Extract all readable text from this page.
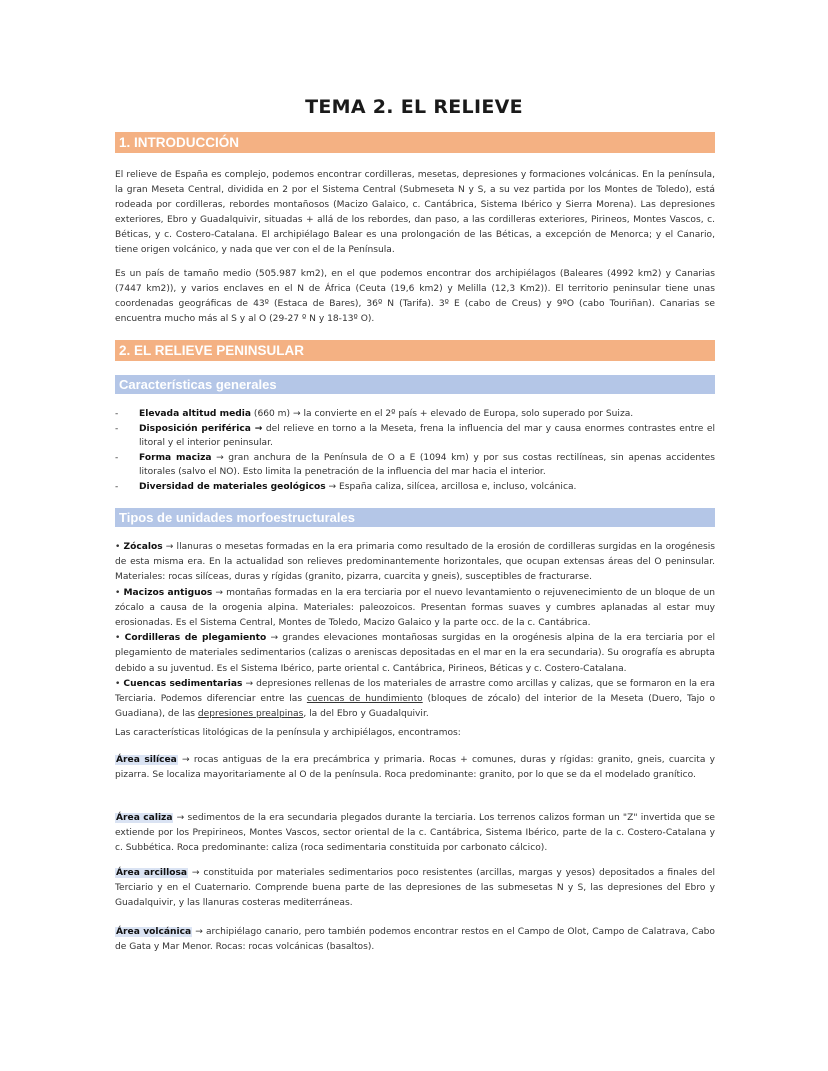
TEMA 2. EL RELIEVE
1. INTRODUCCIÓN

El relieve de España es complejo, podemos encontrar cordilleras, mesetas, depresiones y formaciones volcánicas. En la península, la gran Meseta Central, dividida en 2 por el Sistema Central (Submeseta N y S, a su vez partida por los Montes de Toledo), está rodeada por cordilleras, rebordes montañosos (Macizo Galaico, c. Cantábrica, Sistema Ibérico y Sierra Morena). Las depresiones exteriores, Ebro y Guadalquivir, situadas + allá de los rebordes, dan paso, a las cordilleras exteriores, Pirineos, Montes Vascos, c. Béticas, y c. Costero-Catalana. El archipiélago Balear es una prolongación de las Béticas, a excepción de Menorca; y el Canario, tiene origen volcánico, y nada que ver con el de la Península.

Es un país de tamaño medio (505.987 km2), en el que podemos encontrar dos archipiélagos (Baleares (4992 km2) y Canarias (7447 km2)), y varios enclaves en el N de África (Ceuta (19,6 km2) y Melilla (12,3 Km2)). El territorio peninsular tiene unas coordenadas geográficas de 43º (Estaca de Bares), 36º N (Tarifa). 3º E (cabo de Creus) y 9ºO (cabo Touriñan). Canarias se encuentra mucho más al S y al O (29-27 º N y 18-13º O).

2. EL RELIEVE PENINSULAR
Características generales
- Elevada altitud media (660 m) → la convierte en el 2º país + elevado de Europa, solo superado por Suiza.
- Disposición periférica → del relieve en torno a la Meseta, frena la influencia del mar y causa enormes contrastes entre el litoral y el interior peninsular.
- Forma maciza → gran anchura de la Península de O a E (1094 km) y por sus costas rectilíneas, sin apenas accidentes litorales (salvo el NO). Esto limita la penetración de la influencia del mar hacia el interior.
- Diversidad de materiales geológicos → España caliza, silícea, arcillosa e, incluso, volcánica.
Tipos de unidades morfoestructurales
• Zócalos → llanuras o mesetas formadas en la era primaria como resultado de la erosión de cordilleras surgidas en la orogénesis de esta misma era. En la actualidad son relieves predominantemente horizontales, que ocupan extensas áreas del O peninsular. Materiales: rocas silíceas, duras y rígidas (granito, pizarra, cuarcita y gneis), susceptibles de fracturarse.
• Macizos antiguos → montañas formadas en la era terciaria por el nuevo levantamiento o rejuvenecimiento de un bloque de un zócalo a causa de la orogenia alpina. Materiales: paleozoicos. Presentan formas suaves y cumbres aplanadas al estar muy erosionadas. Es el Sistema Central, Montes de Toledo, Macizo Galaico y la parte occ. de la c. Cantábrica.
• Cordilleras de plegamiento → grandes elevaciones montañosas surgidas en la orogénesis alpina de la era terciaria por el plegamiento de materiales sedimentarios (calizas o areniscas depositadas en el mar en la era secundaria). Su orografía es abrupta debido a su juventud. Es el Sistema Ibérico, parte oriental c. Cantábrica, Pirineos, Béticas y c. Costero-Catalana.
• Cuencas sedimentarias → depresiones rellenas de los materiales de arrastre como arcillas y calizas, que se formaron en la era Terciaria. Podemos diferenciar entre las cuencas de hundimiento (bloques de zócalo) del interior de la Meseta (Duero, Tajo o Guadiana), de las depresiones prealpinas, la del Ebro y Guadalquivir.

Las características litológicas de la península y archipiélagos, encontramos:

Área silícea → rocas antiguas de la era precámbrica y primaria. Rocas + comunes, duras y rígidas: granito, gneis, cuarcita y pizarra. Se localiza mayoritariamente al O de la península. Roca predominante: granito, por lo que se da el modelado granítico.

Área caliza → sedimentos de la era secundaria plegados durante la terciaria. Los terrenos calizos forman un "Z" invertida que se extiende por los Prepirineos, Montes Vascos, sector oriental de la c. Cantábrica, Sistema Ibérico, parte de la c. Costero-Catalana y c. Subbética. Roca predominante: caliza (roca sedimentaria constituida por carbonato cálcico).

Área arcillosa → constituida por materiales sedimentarios poco resistentes (arcillas, margas y yesos) depositados a finales del Terciario y en el Cuaternario. Comprende buena parte de las depresiones de las submesetas N y S, las depresiones del Ebro y Guadalquivir, y las llanuras costeras mediterráneas.

Área volcánica → archipiélago canario, pero también podemos encontrar restos en el Campo de Olot, Campo de Calatrava, Cabo de Gata y Mar Menor. Rocas: rocas volcánicas (basaltos).
